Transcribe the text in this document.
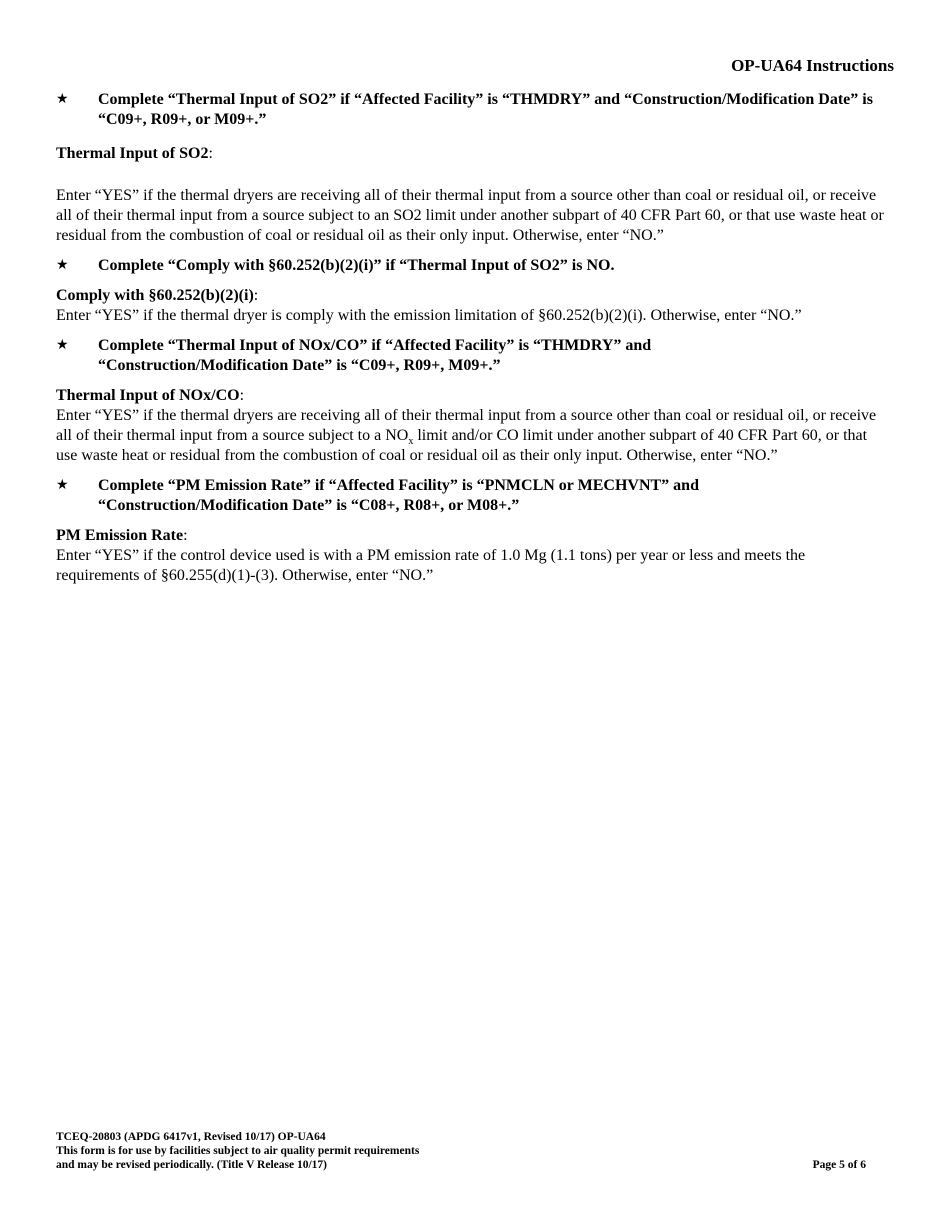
OP-UA64 Instructions
★ Complete “Thermal Input of SO2” if “Affected Facility” is “THMDRY” and “Construction/Modification Date” is “C09+, R09+, or M09+.”

Thermal Input of SO2:

Enter “YES” if the thermal dryers are receiving all of their thermal input from a source other than coal or residual oil, or receive all of their thermal input from a source subject to an SO2 limit under another subpart of 40 CFR Part 60, or that use waste heat or residual from the combustion of coal or residual oil as their only input. Otherwise, enter “NO.”

★ Complete “Comply with §60.252(b)(2)(i)” if “Thermal Input of SO2” is NO.

Comply with §60.252(b)(2)(i):

Enter “YES” if the thermal dryer is comply with the emission limitation of §60.252(b)(2)(i). Otherwise, enter “NO.”

★ Complete “Thermal Input of NOx/CO” if “Affected Facility” is “THMDRY” and
“Construction/Modification Date” is “C09+, R09+, M09+.”

Thermal Input of NOx/CO:

Enter “YES” if the thermal dryers are receiving all of their thermal input from a source other than coal or residual oil, or receive all of their thermal input from a source subject to a $NO_x$ limit and/or CO limit under another subpart of 40 CFR Part 60, or that use waste heat or residual from the combustion of coal or residual oil as their only input. Otherwise, enter “NO.”

★ Complete “PM Emission Rate” if “Affected Facility” is “PNMCLN or MECHVNT” and
“Construction/Modification Date” is “C08+, R08+, or M08+.”

PM Emission Rate:

Enter “YES” if the control device used is with a PM emission rate of 1.0 Mg (1.1 tons) per year or less and meets the requirements of §60.255(d)(1)-(3). Otherwise, enter “NO.”

TCEQ-20803 (APDG 6417v1, Revised 10/17) OP-UA64
This form is for use by facilities subject to air quality permit requirements
and may be revised periodically. (Title V Release 10/17)	Page 5 of 6
